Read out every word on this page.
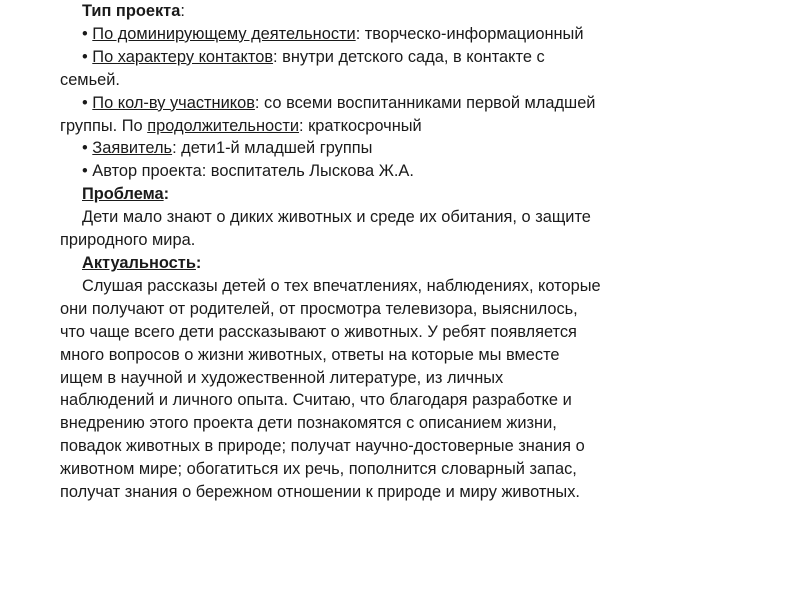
Тип проекта:
• По доминирующему деятельности: творческо-информационный
• По характеру контактов: внутри детского сада, в контакте с
семьей.
• По кол-ву участников: со всеми воспитанниками первой младшей
группы. По продолжительности: краткосрочный
• Заявитель: дети1-й младшей группы
• Автор проекта: воспитатель Лыскова Ж.А.
Проблема:
Дети мало знают о диких животных и среде их обитания, о защите
природного мира.
Актуальность:
Слушая рассказы детей о тех впечатлениях, наблюдениях, которые
они получают от родителей, от просмотра телевизора, выяснилось,
что чаще всего дети рассказывают о животных. У ребят появляется
много вопросов о жизни животных, ответы на которые мы вместе
ищем в научной и художественной литературе, из личных
наблюдений и личного опыта. Считаю, что благодаря разработке и
внедрению этого проекта дети познакомятся с описанием жизни,
повадок животных в природе; получат научно-достоверные знания о
животном мире; обогатиться их речь, пополнится словарный запас,
получат знания о бережном отношении к природе и миру животных.
